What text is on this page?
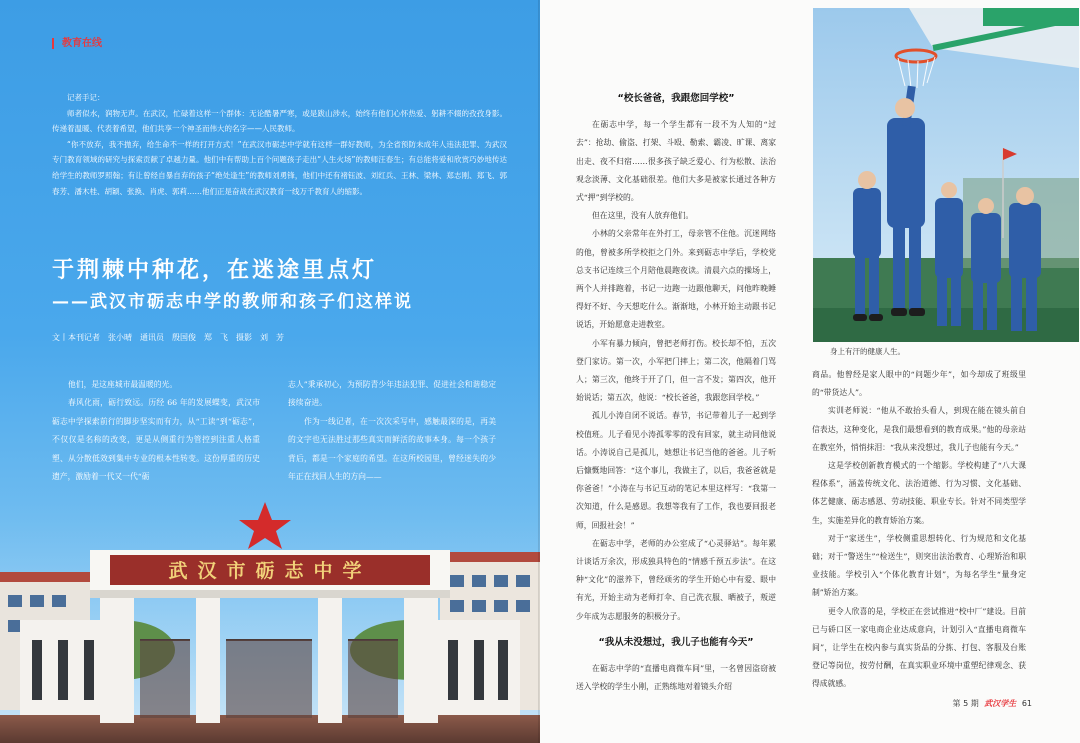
教育在线

记者手记：

师者似水，润物无声。在武汉，忙碌着这样一个群体：无论酷暑严寒，或是跋山涉水，始终有他们心怀热爱、躬耕不辍的孜孜身影。传递着温暖、代表着希望，他们共享一个神圣而伟大的名字——人民教师。

“你不放弃，我不抛弃，给生命不一样的打开方式！”在武汉市砺志中学就有这样一群好教师，为全省预防未成年人违法犯罪、为武汉专门教育领域的研究与探索贡献了卓越力量。他们中有帮助上百个问题孩子走出“人生火场”的教师汪春生；有总能将爱和欣赏巧妙地传达给学生的教师罗照翰；有让曾经自暴自弃的孩子“绝处逢生”的教师刘勇锋，他们中还有褚钰波、刘红兵、王林、梁林、郑志刚、郑飞、郭春芳、潘木桂、胡颖、张换、肖虎、郭莉……他们正是奋战在武汉教育一线万千教育人的缩影。

于荆棘中种花，在迷途里点灯
——武汉市砺志中学的教师和孩子们这样说
文丨本刊记者　张小晴　通讯员　殷国俊　郑　飞　摄影　刘　芳

他们，是这座城市最温暖的光。

春风化雨，砺行致远。历经 66 年的发展蝶变，武汉市砺志中学探索前行的脚步坚实而有力，从“工读”到“砺志”，不仅仅是名称的改变，更是从侧重行为管控到注重人格重塑、从分散低效到集中专业的根本性转变。这份厚重的历史遗产，激励着一代又一代“砺

志人”秉承初心，为预防青少年违法犯罪、促进社会和谐稳定接续奋进。

作为一线记者，在一次次采写中，感触最深的是，再美的文字也无法胜过那些真实而鲜活的故事本身。每一个孩子背后，都是一个家庭的希望。在这所校园里，曾经迷失的少年正在找回人生的方向——

武汉市砺志中学

“校长爸爸，我跟您回学校”

在砺志中学，每一个学生都有一段不为人知的“过去”：抢劫、偷盗、打架、斗殴、勒索、霸凌、旷课、离家出走、夜不归宿……很多孩子缺乏爱心、行为松散、法治观念淡薄、文化基础很差。他们大多是被家长通过各种方式“押”到学校的。

但在这里，没有人放弃他们。

小林的父亲常年在外打工，母亲管不住他。沉迷网络的他，曾被多所学校拒之门外。来到砺志中学后，学校党总支书记连续三个月陪他晨跑夜读。清晨六点的操场上，两个人并排跑着，书记一边跑一边跟他聊天，问他昨晚睡得好不好、今天想吃什么。渐渐地，小林开始主动跟书记说话，开始愿意走进教室。

小军有暴力倾向，曾把老师打伤。校长却不怕，五次登门家访。第一次，小军把门摔上；第二次，他隔着门骂人；第三次，他终于开了门，但一言不发；第四次，他开始说话；第五次，他说：“校长爸爸，我跟您回学校。”

孤儿小涛自闭不说话。春节，书记带着儿子一起到学校值班。儿子看见小涛孤零零的没有回家，就主动同他说话。小涛说自己是孤儿，她想让书记当他的爸爸。儿子听后慷慨地回答：“这个事儿，我做主了，以后，我爸爸就是你爸爸！”小涛在与书记互动的笔记本里这样写：“我第一次知道，什么是感恩。我想等我有了工作，我也要回报老师，回报社会！”

在砺志中学，老师的办公室成了“心灵驿站”。每年累计谈话万余次，形成独具特色的“情感千预五步法”。在这种“文化”的滋养下，曾经顽劣的学生开始心中有爱、眼中有光，开始主动为老师打伞、自己洗衣服、晒被子，叛逆少年成为志愿服务的积极分子。

“我从未没想过，我儿子也能有今天”

在砺志中学的“直播电商微车间”里，一名曾因盗窃被送入学校的学生小刚，正熟练地对着镜头介绍

身上有汗的健康人生。

商品。他曾经是家人眼中的“问题少年”，如今却成了班级里的“带货达人”。

实训老师说：“他从不敢抬头看人，到现在能在镜头前自信表达，这种变化，是我们最想看到的教育成果。”他的母亲站在教室外，悄悄抹泪：“我从来没想过，我儿子也能有今天。”

这是学校创新教育模式的一个缩影。学校构建了“八大课程体系”，涵盖传统文化、法治道德、行为习惯、文化基础、体艺健康、砺志感恩、劳动技能、职业专长。针对不同类型学生，实施差异化的教育矫治方案。

对于“家送生”，学校侧重思想转化、行为规范和文化基础；对于“警送生”“检送生”，则突出法治教育、心理矫治和职业技能。学校引入“个体化教育计划”，为每名学生“量身定制”矫治方案。

更令人欣喜的是，学校正在尝试推进“校中厂”建设。目前已与硚口区一家电商企业达成意向，计划引入“直播电商微车间”，让学生在校内参与真实货品的分拣、打包、客服及台账登记等岗位，按劳付酬，在真实职业环境中重塑纪律观念、获得成就感。

第 5 期 武汉学生 61
